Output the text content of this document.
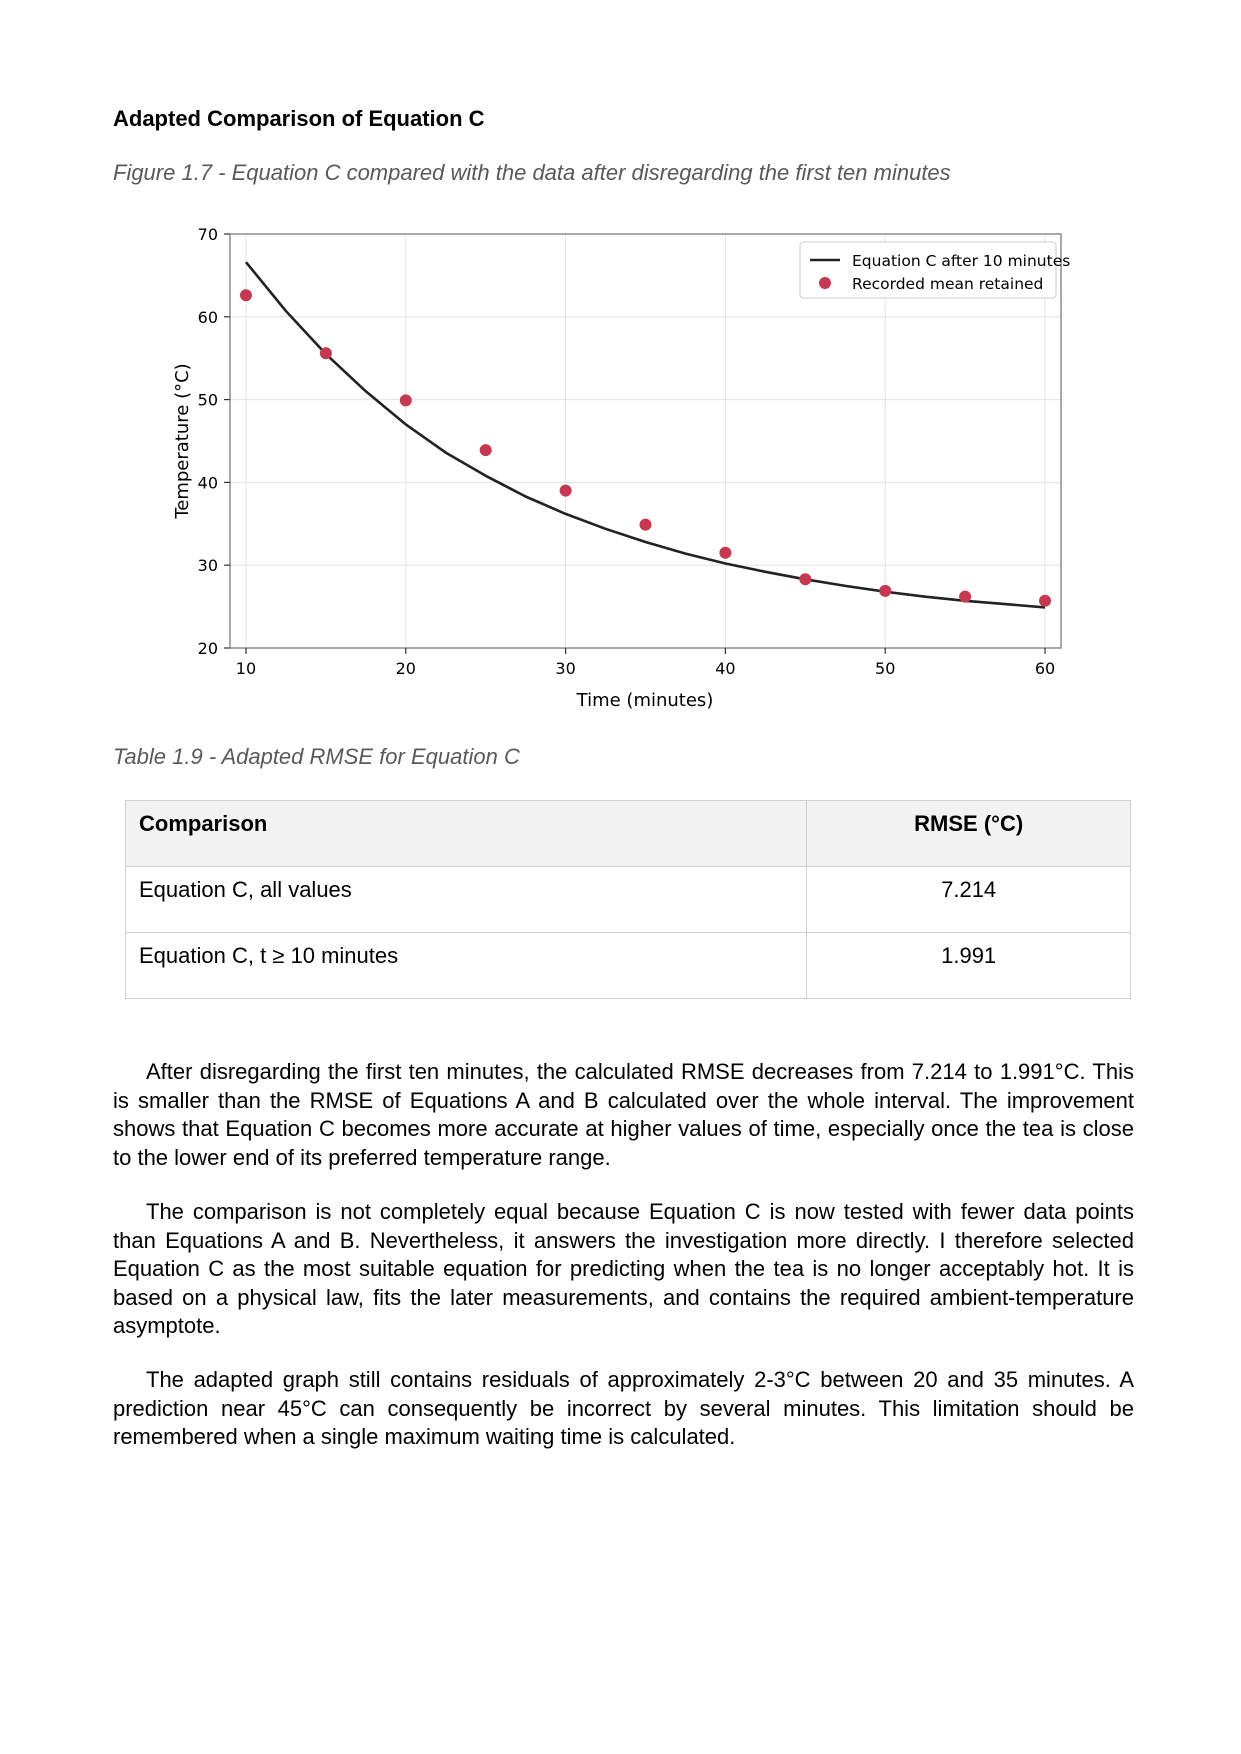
Adapted Comparison of Equation C

Figure 1.7 - Equation C compared with the data after disregarding the first ten minutes

10	20	30	40	50	60
20
30
40
50
60
70
Time (minutes)
Temperature (°C)
Equation C after 10 minutes
Recorded mean retained

Table 1.9 - Adapted RMSE for Equation C

Comparison	RMSE (°C)
Equation C, all values	7.214
Equation C, t ≥ 10 minutes	1.991

After disregarding the first ten minutes, the calculated RMSE decreases from 7.214 to 1.991°C. This is smaller than the RMSE of Equations A and B calculated over the whole interval. The improvement shows that Equation C becomes more accurate at higher values of time, especially once the tea is close to the lower end of its preferred temperature range.

The comparison is not completely equal because Equation C is now tested with fewer data points than Equations A and B. Nevertheless, it answers the investigation more directly. I therefore selected Equation C as the most suitable equation for predicting when the tea is no longer acceptably hot. It is based on a physical law, fits the later measurements, and contains the required ambient-temperature asymptote.

The adapted graph still contains residuals of approximately 2-3°C between 20 and 35 minutes. A prediction near 45°C can consequently be incorrect by several minutes. This limitation should be remembered when a single maximum waiting time is calculated.
